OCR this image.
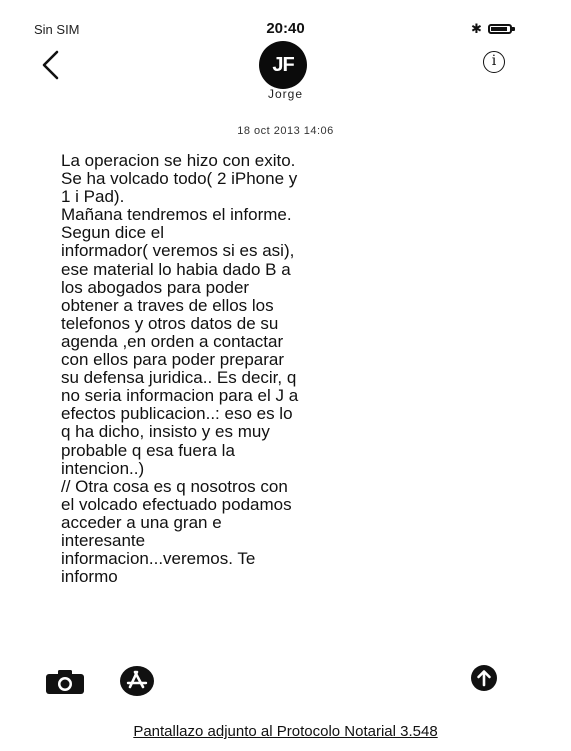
Sin SIM	20:40	✱
JF
Jorge
i
18 oct 2013 14:06
La operacion se hizo con exito.
Se ha volcado todo( 2 iPhone y
1 i Pad).
Mañana tendremos el informe.
Segun dice el
informador( veremos si es asi),
ese material lo habia dado B a
los abogados para poder
obtener a traves de ellos los
telefonos y otros datos de su
agenda ,en orden a contactar
con ellos para poder preparar
su defensa juridica.. Es decir, q
no seria informacion para el J a
efectos publicacion..: eso es lo
q ha dicho, insisto y es muy
probable q esa fuera la
intencion..)
// Otra cosa es q nosotros con
el volcado efectuado podamos
acceder a una gran e
interesante
informacion...veremos. Te
informo
Pantallazo adjunto al Protocolo Notarial 3.548
